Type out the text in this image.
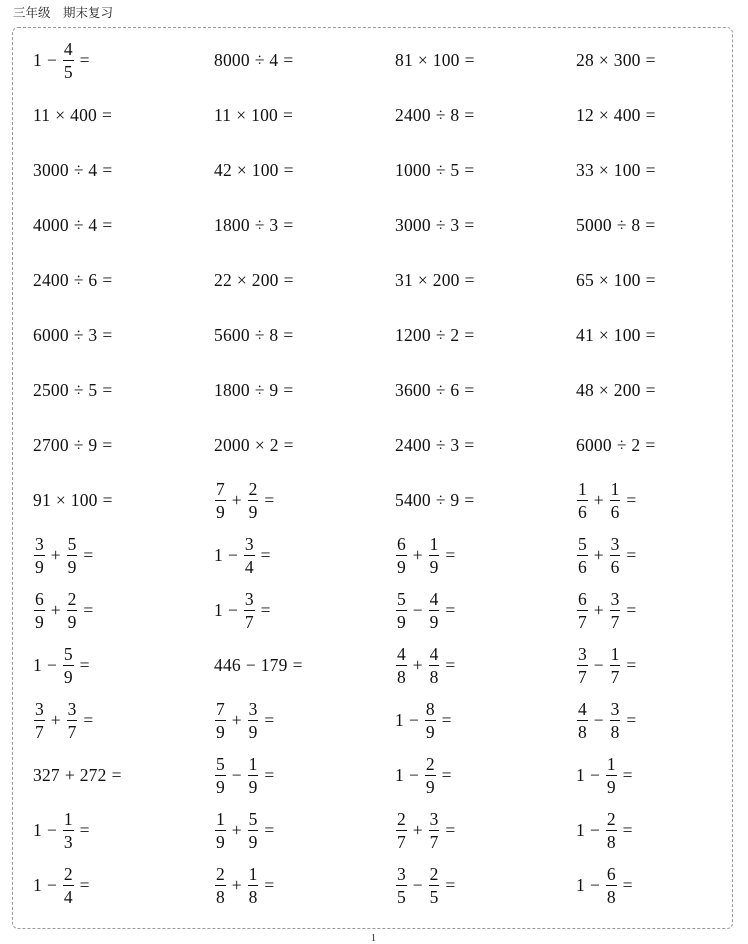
三年级　期末复习
$1 - \frac{4}{5}$ =	8000 ÷ 4 =	81 × 100 =	28 × 300 =
11 × 400 =	11 × 100 =	2400 ÷ 8 =	12 × 400 =
3000 ÷ 4 =	42 × 100 =	1000 ÷ 5 =	33 × 100 =
4000 ÷ 4 =	1800 ÷ 3 =	3000 ÷ 3 =	5000 ÷ 8 =
2400 ÷ 6 =	22 × 200 =	31 × 200 =	65 × 100 =
6000 ÷ 3 =	5600 ÷ 8 =	1200 ÷ 2 =	41 × 100 =
2500 ÷ 5 =	1800 ÷ 9 =	3600 ÷ 6 =	48 × 200 =
2700 ÷ 9 =	2000 × 2 =	2400 ÷ 3 =	6000 ÷ 2 =
91 × 100 =	$\frac{7}{9} + \frac{2}{9}$ =	5400 ÷ 9 =	$\frac{1}{6} + \frac{1}{6}$ =
$\frac{3}{9} + \frac{5}{9}$ =	$1 - \frac{3}{4}$ =	$\frac{6}{9} + \frac{1}{9}$ =	$\frac{5}{6} + \frac{3}{6}$ =
$\frac{6}{9} + \frac{2}{9}$ =	$1 - \frac{3}{7}$ =	$\frac{5}{9} - \frac{4}{9}$ =	$\frac{6}{7} + \frac{3}{7}$ =
$1 - \frac{5}{9}$ =	446 − 179 =	$\frac{4}{8} + \frac{4}{8}$ =	$\frac{3}{7} - \frac{1}{7}$ =
$\frac{3}{7} + \frac{3}{7}$ =	$\frac{7}{9} + \frac{3}{9}$ =	$1 - \frac{8}{9}$ =	$\frac{4}{8} - \frac{3}{8}$ =
327 + 272 =	$\frac{5}{9} - \frac{1}{9}$ =	$1 - \frac{2}{9}$ =	$1 - \frac{1}{9}$ =
$1 - \frac{1}{3}$ =	$\frac{1}{9} + \frac{5}{9}$ =	$\frac{2}{7} + \frac{3}{7}$ =	$1 - \frac{2}{8}$ =
$1 - \frac{2}{4}$ =	$\frac{2}{8} + \frac{1}{8}$ =	$\frac{3}{5} - \frac{2}{5}$ =	$1 - \frac{6}{8}$ =
1
